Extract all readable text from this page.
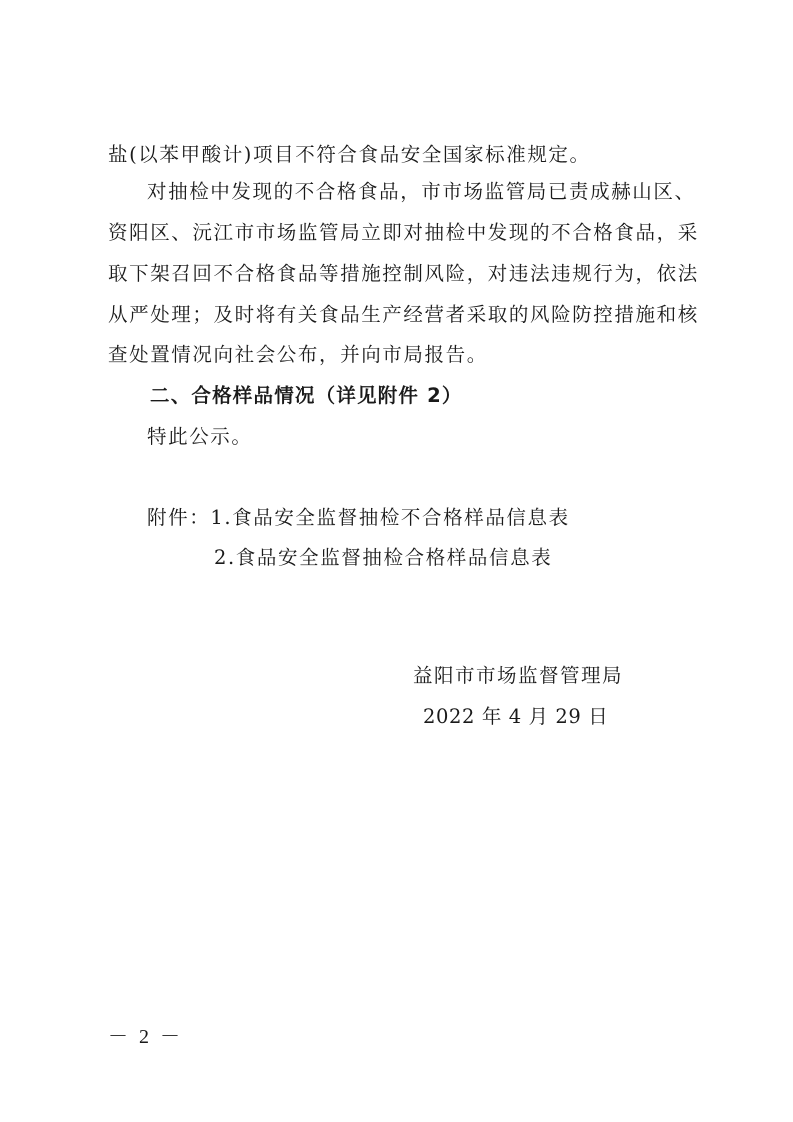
盐(以苯甲酸计)项目不符合食品安全国家标准规定。
对抽检中发现的不合格食品，市市场监管局已责成赫山区、
资阳区、沅江市市场监管局立即对抽检中发现的不合格食品，采
取下架召回不合格食品等措施控制风险，对违法违规行为，依法
从严处理；及时将有关食品生产经营者采取的风险防控措施和核
查处置情况向社会公布，并向市局报告。
二、合格样品情况（详见附件 2）
特此公示。
附件：1.食品安全监督抽检不合格样品信息表
2.食品安全监督抽检合格样品信息表
益阳市市场监督管理局
2022 年 4 月 29 日
－ 2 －
